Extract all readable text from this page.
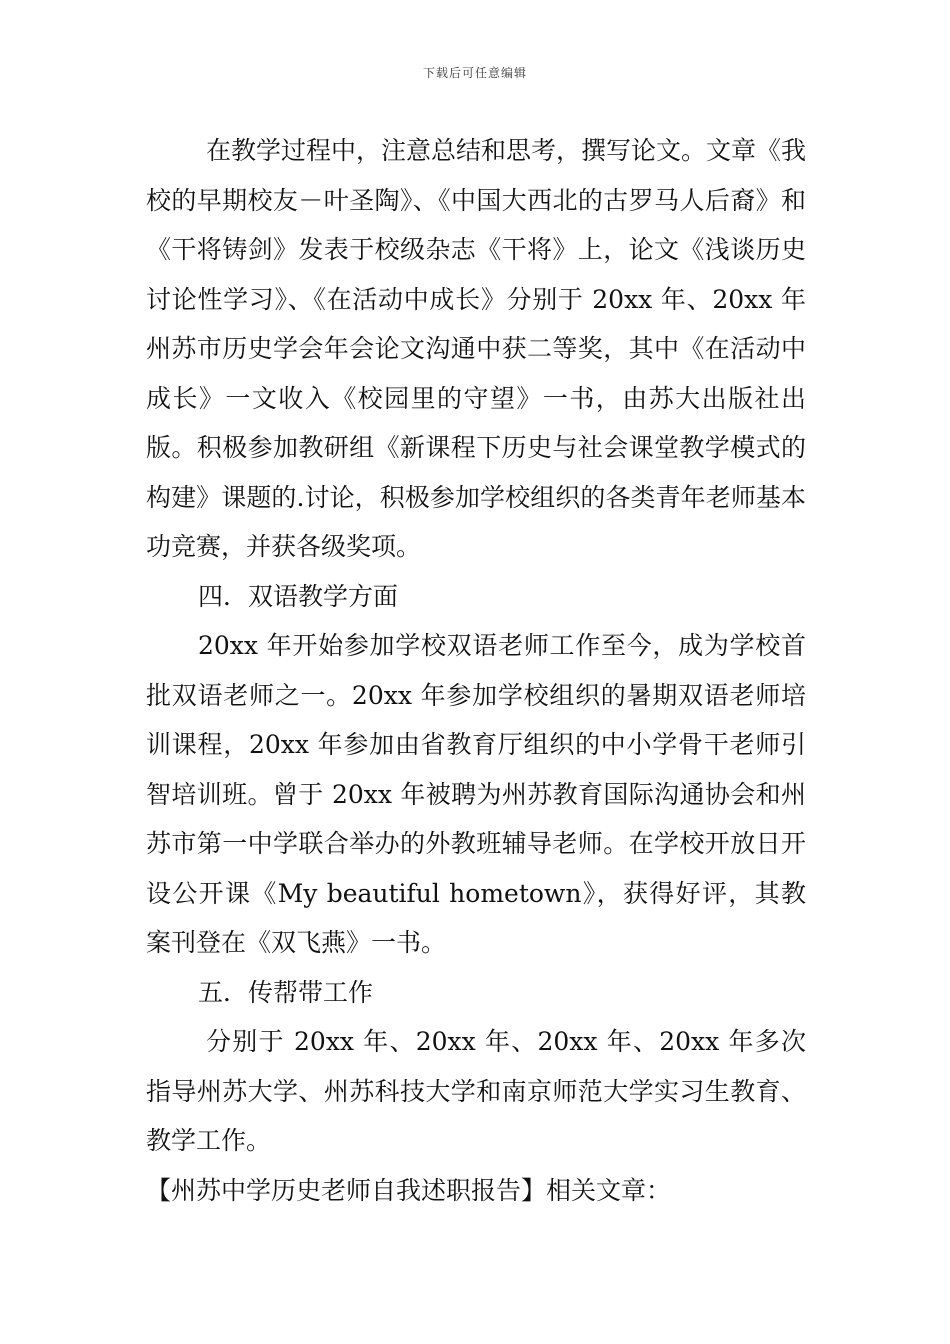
下载后可任意编辑

在教学过程中，注意总结和思考，撰写论文。文章《我校的早期校友－叶圣陶》、《中国大西北的古罗马人后裔》和《干将铸剑》发表于校级杂志《干将》上，论文《浅谈历史讨论性学习》、《在活动中成长》分别于 20xx 年、20xx 年州苏市历史学会年会论文沟通中获二等奖，其中《在活动中成长》一文收入《校园里的守望》一书，由苏大出版社出版。积极参加教研组《新课程下历史与社会课堂教学模式的构建》课题的.讨论，积极参加学校组织的各类青年老师基本功竞赛，并获各级奖项。

四．双语教学方面

20xx 年开始参加学校双语老师工作至今，成为学校首批双语老师之一。20xx 年参加学校组织的暑期双语老师培训课程，20xx 年参加由省教育厅组织的中小学骨干老师引智培训班。曾于 20xx 年被聘为州苏教育国际沟通协会和州苏市第一中学联合举办的外教班辅导老师。在学校开放日开设公开课《My beautiful hometown》，获得好评，其教案刊登在《双飞燕》一书。

五．传帮带工作

分别于 20xx 年、20xx 年、20xx 年、20xx 年多次指导州苏大学、州苏科技大学和南京师范大学实习生教育、教学工作。

【州苏中学历史老师自我述职报告】相关文章：
